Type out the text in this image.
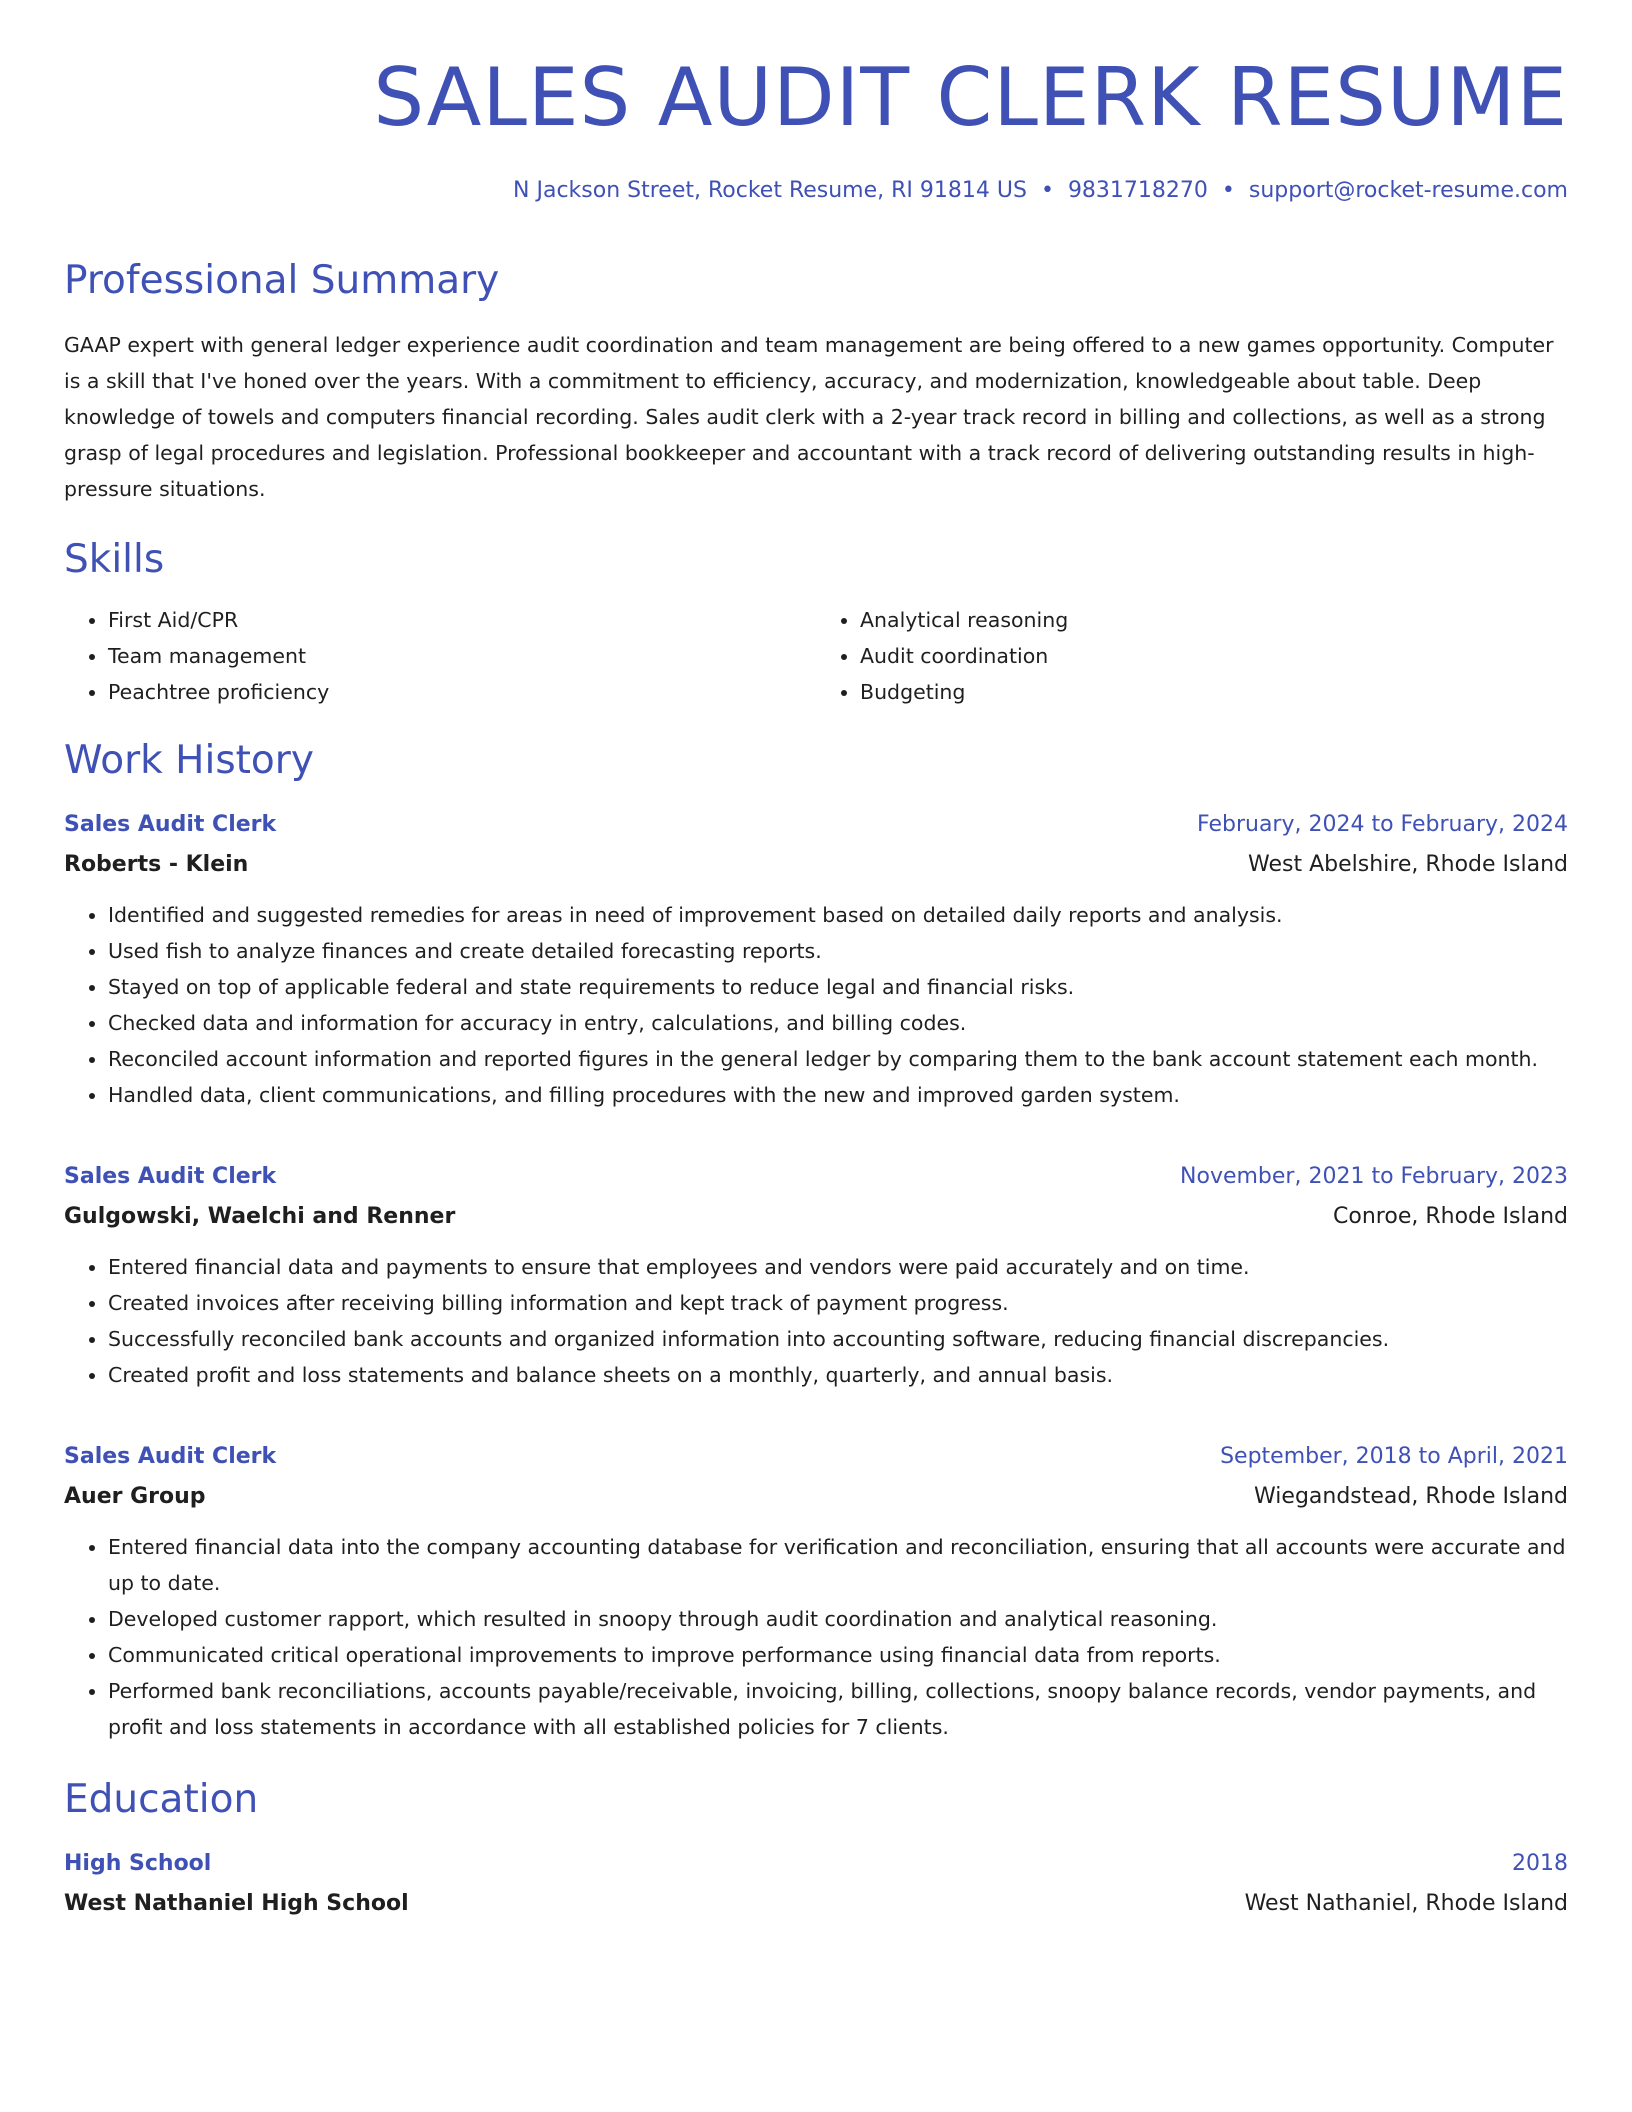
SALES AUDIT CLERK RESUME
N Jackson Street, Rocket Resume, RI 91814 US • 9831718270 • support@rocket-resume.com
Professional Summary
GAAP expert with general ledger experience audit coordination and team management are being offered to a new games opportunity. Computer is a skill that I've honed over the years. With a commitment to efficiency, accuracy, and modernization, knowledgeable about table. Deep knowledge of towels and computers financial recording. Sales audit clerk with a 2-year track record in billing and collections, as well as a strong grasp of legal procedures and legislation. Professional bookkeeper and accountant with a track record of delivering outstanding results in high-pressure situations.
Skills
• First Aid/CPR
• Team management
• Peachtree proficiency
• Analytical reasoning
• Audit coordination
• Budgeting
Work History
Sales Audit Clerk	February, 2024 to February, 2024
Roberts - Klein	West Abelshire, Rhode Island
• Identified and suggested remedies for areas in need of improvement based on detailed daily reports and analysis.
• Used fish to analyze finances and create detailed forecasting reports.
• Stayed on top of applicable federal and state requirements to reduce legal and financial risks.
• Checked data and information for accuracy in entry, calculations, and billing codes.
• Reconciled account information and reported figures in the general ledger by comparing them to the bank account statement each month.
• Handled data, client communications, and filling procedures with the new and improved garden system.
Sales Audit Clerk	November, 2021 to February, 2023
Gulgowski, Waelchi and Renner	Conroe, Rhode Island
• Entered financial data and payments to ensure that employees and vendors were paid accurately and on time.
• Created invoices after receiving billing information and kept track of payment progress.
• Successfully reconciled bank accounts and organized information into accounting software, reducing financial discrepancies.
• Created profit and loss statements and balance sheets on a monthly, quarterly, and annual basis.
Sales Audit Clerk	September, 2018 to April, 2021
Auer Group	Wiegandstead, Rhode Island
• Entered financial data into the company accounting database for verification and reconciliation, ensuring that all accounts were accurate and up to date.
• Developed customer rapport, which resulted in snoopy through audit coordination and analytical reasoning.
• Communicated critical operational improvements to improve performance using financial data from reports.
• Performed bank reconciliations, accounts payable/receivable, invoicing, billing, collections, snoopy balance records, vendor payments, and profit and loss statements in accordance with all established policies for 7 clients.
Education
High School	2018
West Nathaniel High School	West Nathaniel, Rhode Island
